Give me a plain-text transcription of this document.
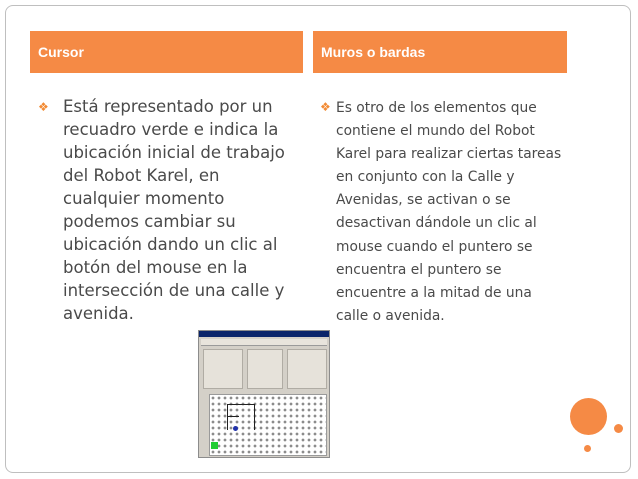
Cursor	Muros o bardas
❖ Está representado por un recuadro verde e indica la ubicación inicial de trabajo del Robot Karel, en cualquier momento podemos cambiar su ubicación dando un clic al botón del mouse en la intersección de una calle y avenida.
❖ Es otro de los elementos que contiene el mundo del Robot Karel para realizar ciertas tareas en conjunto con la Calle y Avenidas, se activan o se desactivan dándole un clic al mouse cuando el puntero se encuentra el puntero se encuentre a la mitad de una calle o avenida.
